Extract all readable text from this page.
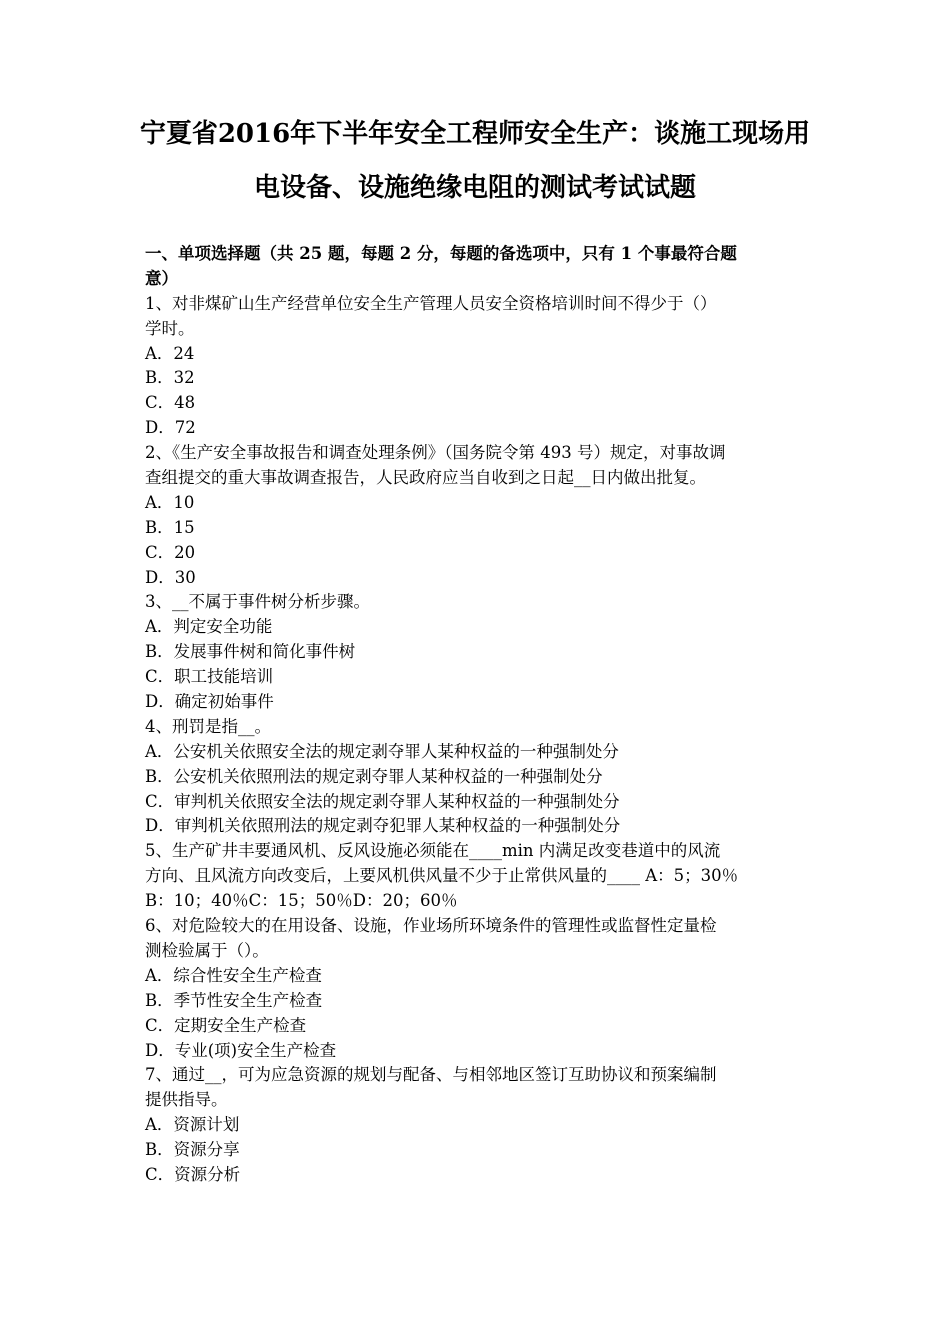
宁夏省2016年下半年安全工程师安全生产：谈施工现场用
电设备、设施绝缘电阻的测试考试试题
一、单项选择题（共 25 题，每题 2 分，每题的备选项中，只有 1 个事最符合题
意）
1、对非煤矿山生产经营单位安全生产管理人员安全资格培训时间不得少于（）
学时。
A．24
B．32
C．48
D．72
2、《生产安全事故报告和调查处理条例》（国务院令第 493 号）规定，对事故调
查组提交的重大事故调查报告，人民政府应当自收到之日起__日内做出批复。
A．10
B．15
C．20
D．30
3、__不属于事件树分析步骤。
A．判定安全功能
B．发展事件树和简化事件树
C．职工技能培训
D．确定初始事件
4、刑罚是指__。
A．公安机关依照安全法的规定剥夺罪人某种权益的一种强制处分
B．公安机关依照刑法的规定剥夺罪人某种权益的一种强制处分
C．审判机关依照安全法的规定剥夺罪人某种权益的一种强制处分
D．审判机关依照刑法的规定剥夺犯罪人某种权益的一种强制处分
5、生产矿井丰要通风机、反风设施必须能在____min 内满足改变巷道中的风流
方向、且风流方向改变后，上要风机供风量不少于止常供风量的____ A：5；30％
B：10；40％C：15；50％D：20；60％
6、对危险较大的在用设备、设施，作业场所环境条件的管理性或监督性定量检
测检验属于（）。
A．综合性安全生产检查
B．季节性安全生产检查
C．定期安全生产检查
D．专业(项)安全生产检查
7、通过__，可为应急资源的规划与配备、与相邻地区签订互助协议和预案编制
提供指导。
A．资源计划
B．资源分享
C．资源分析
